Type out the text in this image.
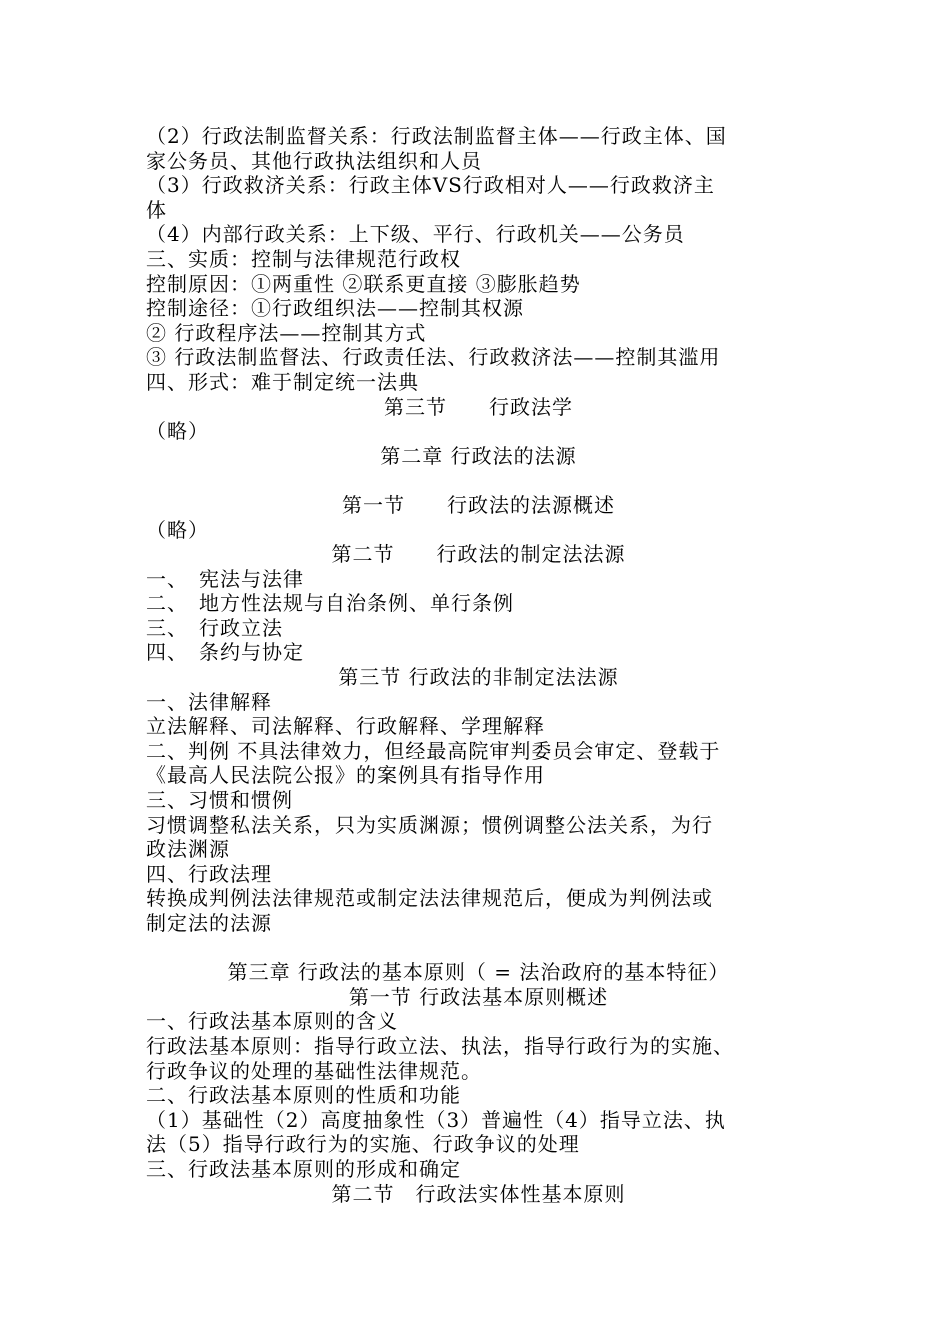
（2）行政法制监督关系：行政法制监督主体——行政主体、国
家公务员、其他行政执法组织和人员
（3）行政救济关系：行政主体VS行政相对人——行政救济主
体
（4）内部行政关系：上下级、平行、行政机关——公务员
三、实质：控制与法律规范行政权
控制原因：①两重性 ②联系更直接 ③膨胀趋势
控制途径：①行政组织法——控制其权源
② 行政程序法——控制其方式
③ 行政法制监督法、行政责任法、行政救济法——控制其滥用
四、形式：难于制定统一法典
第三节　　行政法学
（略）
第二章 行政法的法源
第一节　　行政法的法源概述
（略）
第二节　　行政法的制定法法源
一、　宪法与法律
二、　地方性法规与自治条例、单行条例
三、　行政立法
四、　条约与协定
第三节 行政法的非制定法法源
一、法律解释
立法解释、司法解释、行政解释、学理解释
二、判例 不具法律效力，但经最高院审判委员会审定、登载于
《最高人民法院公报》的案例具有指导作用
三、习惯和惯例
习惯调整私法关系，只为实质渊源；惯例调整公法关系，为行
政法渊源
四、行政法理
转换成判例法法律规范或制定法法律规范后，便成为判例法或
制定法的法源
第三章 行政法的基本原则（ = 法治政府的基本特征）
第一节 行政法基本原则概述
一、行政法基本原则的含义
行政法基本原则：指导行政立法、执法，指导行政行为的实施、
行政争议的处理的基础性法律规范。
二、行政法基本原则的性质和功能
（1）基础性（2）高度抽象性（3）普遍性（4）指导立法、执
法（5）指导行政行为的实施、行政争议的处理
三、行政法基本原则的形成和确定
第二节　行政法实体性基本原则
